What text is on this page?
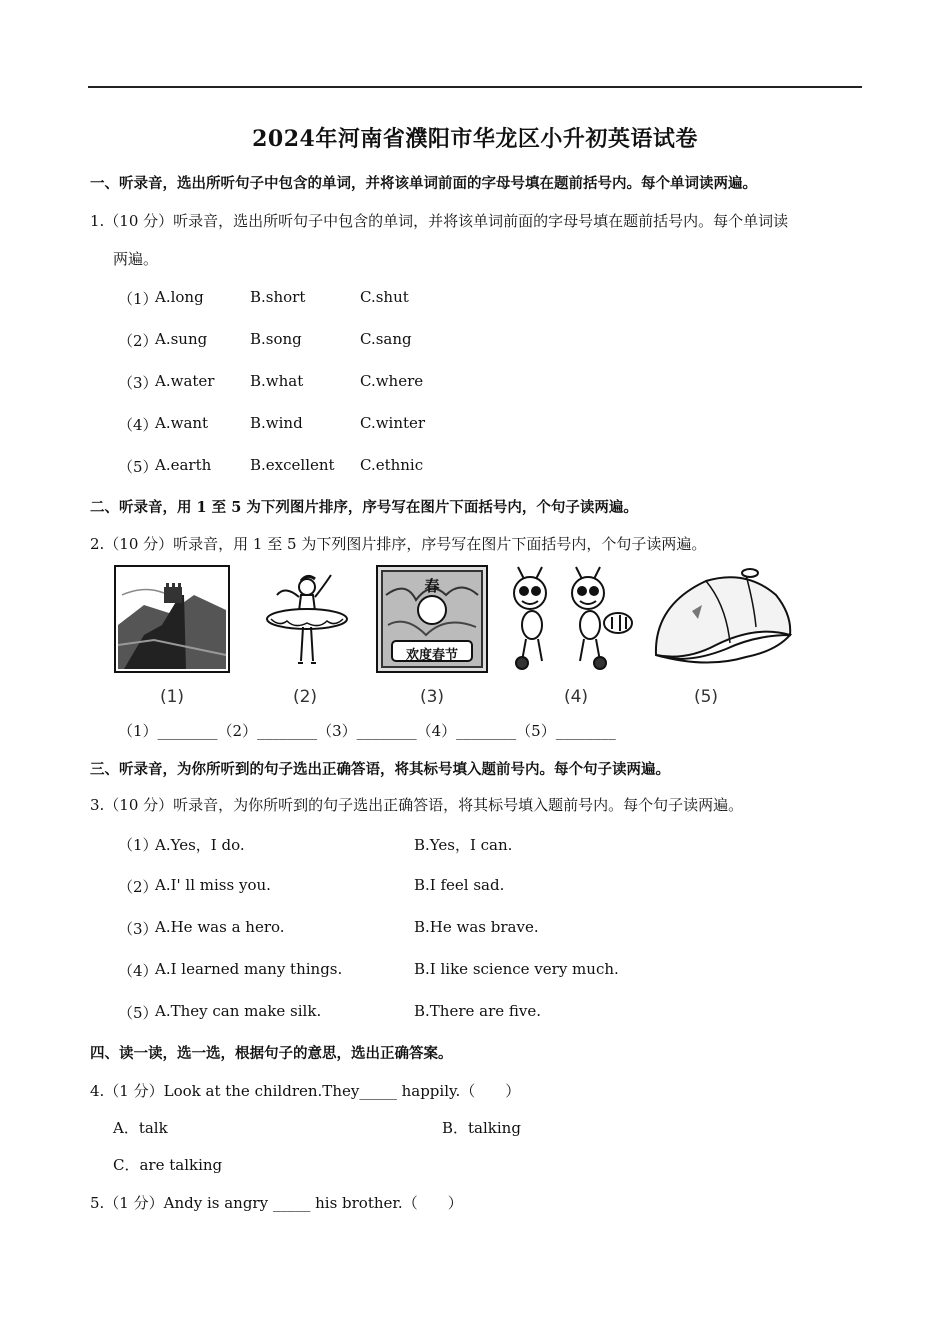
2024年河南省濮阳市华龙区小升初英语试卷
一、听录音，选出所听句子中包含的单词，并将该单词前面的字母号填在题前括号内。每个单词读两遍。
1.（10 分）听录音，选出所听句子中包含的单词，并将该单词前面的字母号填在题前括号内。每个单词读
两遍。
（1）
A.long	B.short	C.shut
（2）
A.sung	B.song	C.sang
（3）
A.water B.what	C.where
（4）
A.want	B.wind	C.winter
（5）
A.earth	B.excellent C.ethnic
二、听录音，用 1 至 5 为下列图片排序，序号写在图片下面括号内，个句子读两遍。
2.（10 分）听录音，用 1 至 5 为下列图片排序，序号写在图片下面括号内，个句子读两遍。
(1)	(2)
春
欢度春节
(3)	(4)	(5)
（1）________（2）________（3）________（4）________（5）________
三、听录音，为你所听到的句子选出正确答语，将其标号填入题前号内。每个句子读两遍。
3.（10 分）听录音，为你所听到的句子选出正确答语，将其标号填入题前号内。每个句子读两遍。
（1）
A.Yes，I do.	B.Yes，I can.
（2）
A.I' ll miss you.	B.I feel sad.
（3）
A.He was a hero.	B.He was brave.
（4）
A.I learned many things.	B.I like science very much.
（5）
A.They can make silk.	B.There are five.
四、读一读，选一选，根据句子的意思，选出正确答案。
4.（1 分）Look at the children.They_____ happily.（　　）
A．talk	B．talking
C．are talking
5.（1 分）Andy is angry _____ his brother.（　　）
